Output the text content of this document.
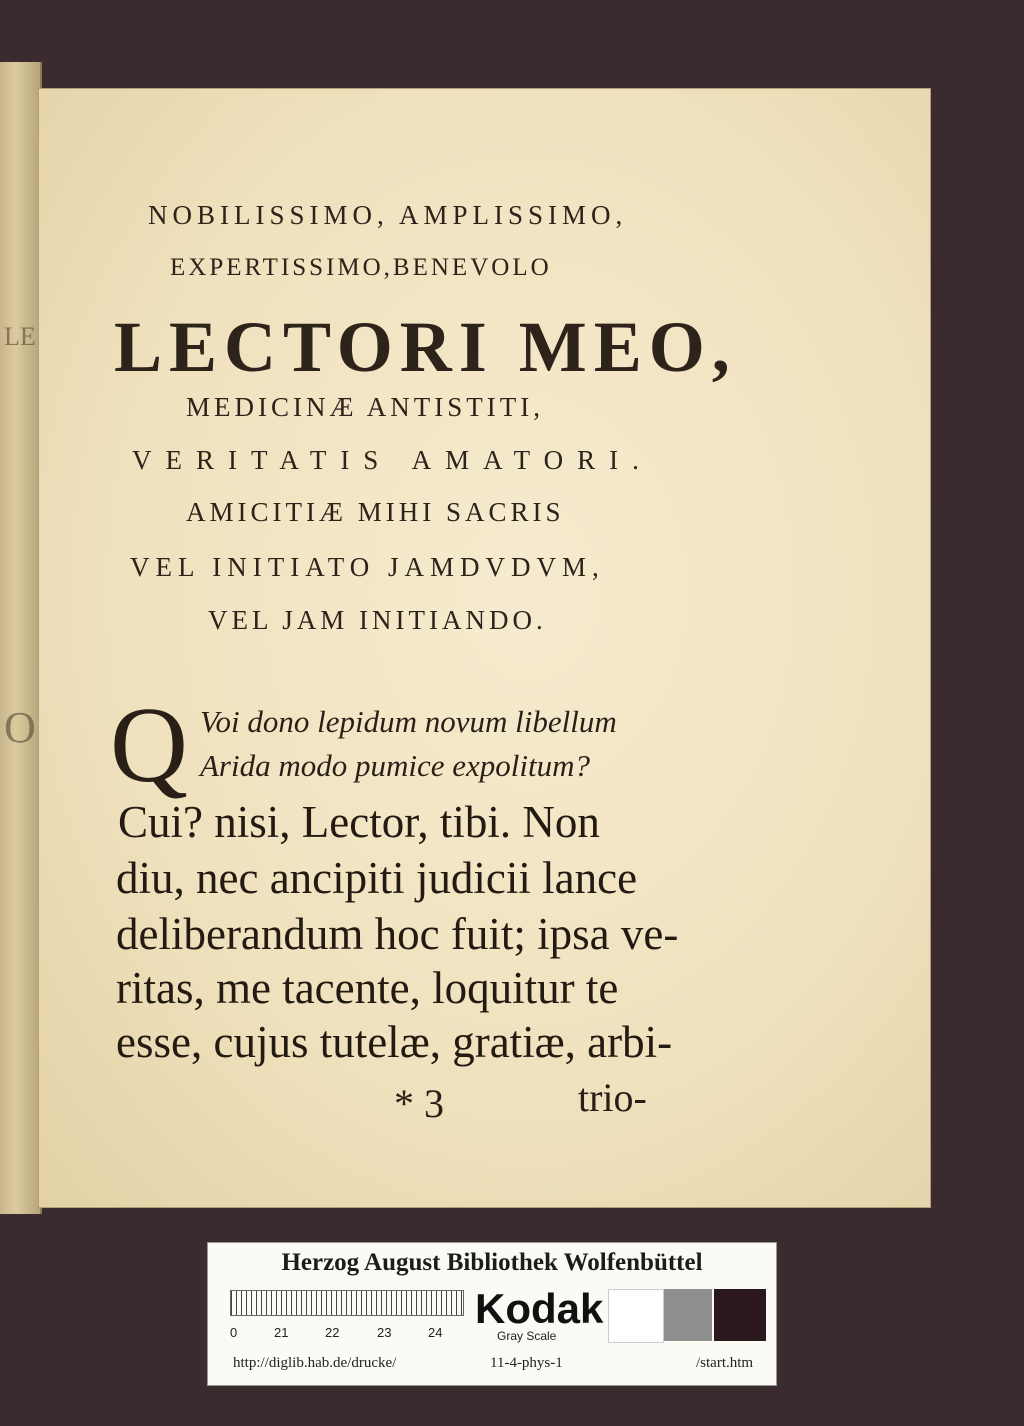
LE
O
NOBILISSIMO, AMPLISSIMO,
EXPERTISSIMO,BENEVOLO
LECTORI MEO,
MEDICINÆ ANTISTITI,
VERITATIS AMATORI.
AMICITIÆ MIHI SACRIS
VEL INITIATO JAMDVDVM,
VEL JAM INITIANDO.
Q Voi dono lepidum novum libellum
Arida modo pumice expolitum?
Cui? nisi, Lector, tibi. Non
diu, nec ancipiti judicii lance
deliberandum hoc fuit; ipsa ve-
ritas, me tacente, loquitur te
esse, cujus tutelæ, gratiæ, arbi-
* 3	trio-
Herzog August Bibliothek Wolfenbüttel
0	21	22	23	24
Kodak
Gray Scale
http://diglib.hab.de/drucke/	11-4-phys-1	/start.htm
